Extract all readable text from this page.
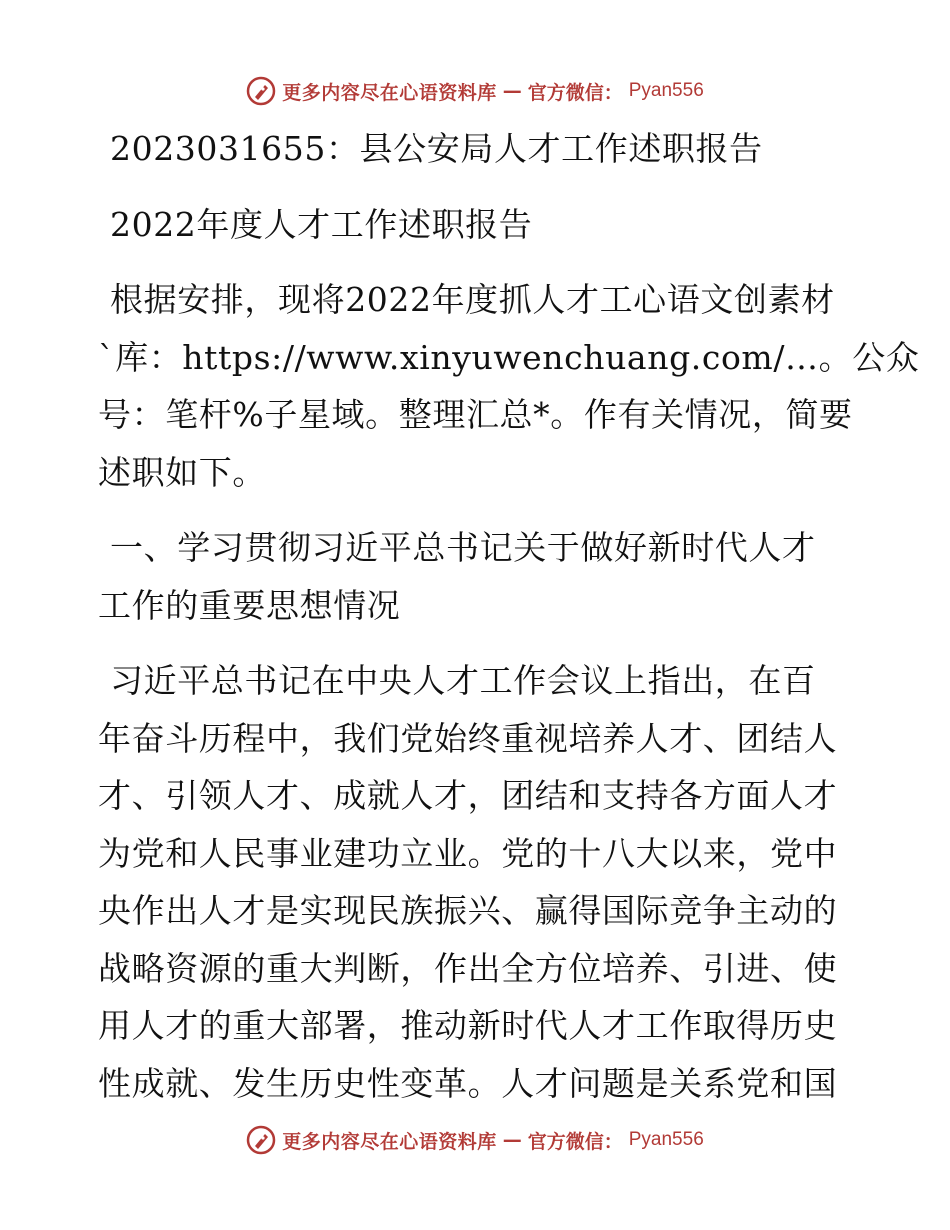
更多内容尽在心语资料库 — 官方微信： Pyan556
2023031655：县公安局人才工作述职报告
2022年度人才工作述职报告
根据安排，现将2022年度抓人才工心语文创素材
`库：https://www.xinyuwenchuang.com/…。公众
号：笔杆%子星域。整理汇总*。作有关情况，简要
述职如下。
一、学习贯彻习近平总书记关于做好新时代人才
工作的重要思想情况
习近平总书记在中央人才工作会议上指出，在百
年奋斗历程中，我们党始终重视培养人才、团结人
才、引领人才、成就人才，团结和支持各方面人才
为党和人民事业建功立业。党的十八大以来，党中
央作出人才是实现民族振兴、赢得国际竞争主动的
战略资源的重大判断，作出全方位培养、引进、使
用人才的重大部署，推动新时代人才工作取得历史
性成就、发生历史性变革。人才问题是关系党和国
更多内容尽在心语资料库 — 官方微信： Pyan556
